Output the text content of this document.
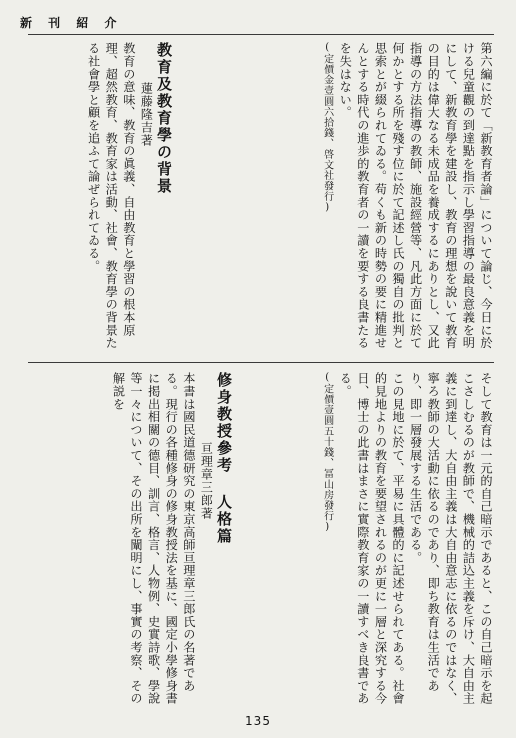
新 刊 紹 介

第六編に於て「新教育者論」について論じ、今日に於ける兒童觀の到達點を指示し學習指導の最良意義を明にして、新教育學を建設し、教育の理想を說いて教育の目的は偉大なる未成品を養成するにありとし、又此指導の方法指導の教師、施設經營等、凡此方面に於て何かとする所を殘す位に於て記述し氏の獨自の批判と思索とが綴られてゐる。苟くも新の時勢の要に精進せんとする時代の進歩的教育者の一讀を要する良書たるを失はない。

(定價金壹圓六拾錢、啓文社發行)

教育及教育學の背景

蓮藤隆吉著

教育の意味、教育の眞義、自由教育と學習の根本原理、超然教育、教育家は活動、社會、教育學の背景たる社會學と顧を追ふて論ぜられてゐる。

そして教育は一元的自己暗示であると、この自己暗示を起こさしむるのが教師で、機械的詰込主義を斥け、大自由主義に到達し、大自由主義は大自由意志に依るのではなく、寧ろ教師の大活動に依るのであり、即ち教育は生活であり、即一層發展する生活である。

この見地に於て、平易に具體的に記述せられてある。社會的見地よりの教育を要望されるのが更に一層と深究する今日、博士の此書はまさに實際教育家の一讀すべき良書である。

(定價壹圓五十錢、冨山房發行)

修身教授參考 人格篇

亘理章三郎著

本書は國民道德研究の東京高師亘理章三郎氏の名著である。現行の各種修身の修身教授法を基に、國定小學修身書に掲出相關の德目、訓言、格言、人物例、史實詩歌、學說等一々について、その出所を闡明にし、事實の考察、その解説を

135
